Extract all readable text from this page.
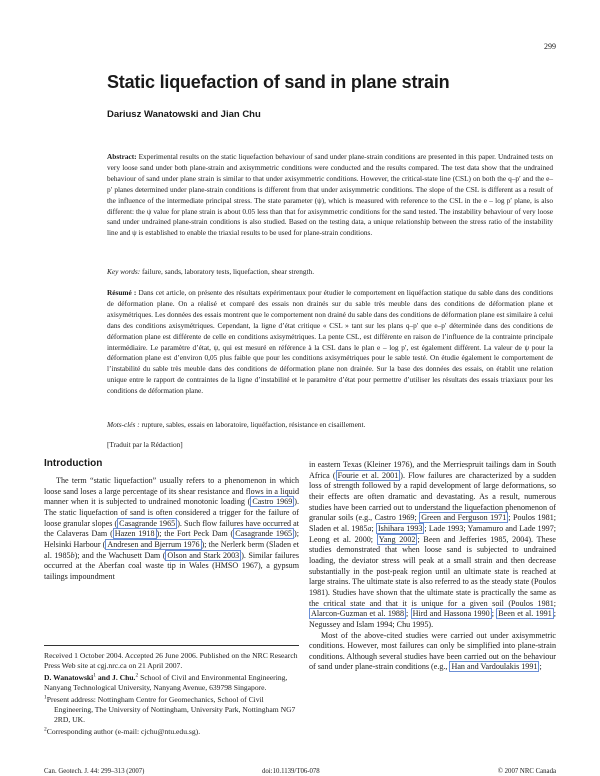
299
Static liquefaction of sand in plane strain
Dariusz Wanatowski and Jian Chu

Abstract: Experimental results on the static liquefaction behaviour of sand under plane-strain conditions are presented in this paper. Undrained tests on very loose sand under both plane-strain and axisymmetric conditions were conducted and the results compared. The test data show that the undrained behaviour of sand under plane strain is similar to that under axisymmetric conditions. However, the critical-state line (CSL) on both the q–p′ and the e–p′ planes determined under plane-strain conditions is different from that under axisymmetric conditions. The slope of the CSL is different as a result of the influence of the intermediate principal stress. The state parameter (ψ), which is measured with reference to the CSL in the e – log p′ plane, is also different: the ψ value for plane strain is about 0.05 less than that for axisymmetric conditions for the sand tested. The instability behaviour of very loose sand under undrained plane-strain conditions is also studied. Based on the testing data, a unique relationship between the stress ratio of the instability line and ψ is established to enable the triaxial results to be used for plane-strain conditions.

Key words: failure, sands, laboratory tests, liquefaction, shear strength.

Résumé : Dans cet article, on présente des résultats expérimentaux pour étudier le comportement en liquéfaction statique du sable dans des conditions de déformation plane. On a réalisé et comparé des essais non drainés sur du sable très meuble dans des conditions de déformation plane et axisymétriques. Les données des essais montrent que le comportement non drainé du sable dans des conditions de déformation plane est similaire à celui dans des conditions axisymétriques. Cependant, la ligne d’état critique « CSL » tant sur les plans q–p′ que e–p′ déterminée dans des conditions de déformation plane est différente de celle en conditions axisymétriques. La pente CSL, est différente en raison de l’influence de la contrainte principale intermédiaire. Le paramètre d’état, ψ, qui est mesuré en référence à la CSL dans le plan e – log p′, est également différent. La valeur de ψ pour la déformation plane est d’environ 0,05 plus faible que pour les conditions axisymétriques pour le sable testé. On étudie également le comportement de l’instabilité du sable très meuble dans des conditions de déformation plane non drainée. Sur la base des données des essais, on établit une relation unique entre le rapport de contraintes de la ligne d’instabilité et le paramètre d’état pour permettre d’utiliser les résultats des essais triaxiaux pour les conditions de déformation plane.

Mots-clés : rupture, sables, essais en laboratoire, liquéfaction, résistance en cisaillement.
[Traduit par la Rédaction]
Introduction

The term “static liquefaction” usually refers to a phenomenon in which loose sand loses a large percentage of its shear resistance and flows in a liquid manner when it is subjected to undrained monotonic loading ( Castro 1969 ). The static liquefaction of sand is often considered a trigger for the failure of loose granular slopes ( Casagrande 1965 ). Such flow failures have occurred at the Calaveras Dam ( Hazen 1918 ); the Fort Peck Dam ( Casagrande 1965 ); Helsinki Harbour ( Andresen and Bjerrum 1976 ); the Nerlerk berm (Sladen et al. 1985b); and the Wachusett Dam ( Olson and Stark 2003 ). Similar failures occurred at the Aberfan coal waste tip in Wales (HMSO 1967), a gypsum tailings impoundment

Received 1 October 2004. Accepted 26 June 2006. Published on the NRC Research Press Web site at cgj.nrc.ca on 21 April 2007.

D. Wanatowski$^1$ and J. Chu.$^2$ School of Civil and Environmental Engineering, Nanyang Technological University, Nanyang Avenue, 639798 Singapore.

$^1$Present address: Nottingham Centre for Geomechanics, School of Civil Engineering, The University of Nottingham, University Park, Nottingham NG7 2RD, UK.

$^2$Corresponding author (e-mail: cjchu@ntu.edu.sg).

in eastern Texas (Kleiner 1976), and the Merriespruit tailings dam in South Africa ( Fourie et al. 2001 ). Flow failures are characterized by a sudden loss of strength followed by a rapid development of large deformations, so their effects are often dramatic and devastating. As a result, numerous studies have been carried out to understand the liquefaction phenomenon of granular soils (e.g., Castro 1969; Green and Ferguson 1971 ; Poulos 1981; Sladen et al. 1985a; Ishihara 1993 ; Lade 1993; Yamamuro and Lade 1997; Leong et al. 2000; Yang 2002 ; Been and Jefferies 1985, 2004). These studies demonstrated that when loose sand is subjected to undrained loading, the deviator stress will peak at a small strain and then decrease substantially in the post-peak region until an ultimate state is reached at large strains. The ultimate state is also referred to as the steady state (Poulos 1981). Studies have shown that the ultimate state is practically the same as the critical state and that it is unique for a given soil (Poulos 1981; Alarcon-Guzman et al. 1988 ; Hird and Hassona 1990 ; Been et al. 1991 ; Negussey and Islam 1994; Chu 1995).

Most of the above-cited studies were carried out under axisymmetric conditions. However, most failures can only be simplified into plane-strain conditions. Although several studies have been carried out on the behaviour of sand under plane-strain conditions (e.g., Han and Vardoulakis 1991 ;

Can. Geotech. J. 44: 299–313 (2007)	doi:10.1139/T06-078	© 2007 NRC Canada
